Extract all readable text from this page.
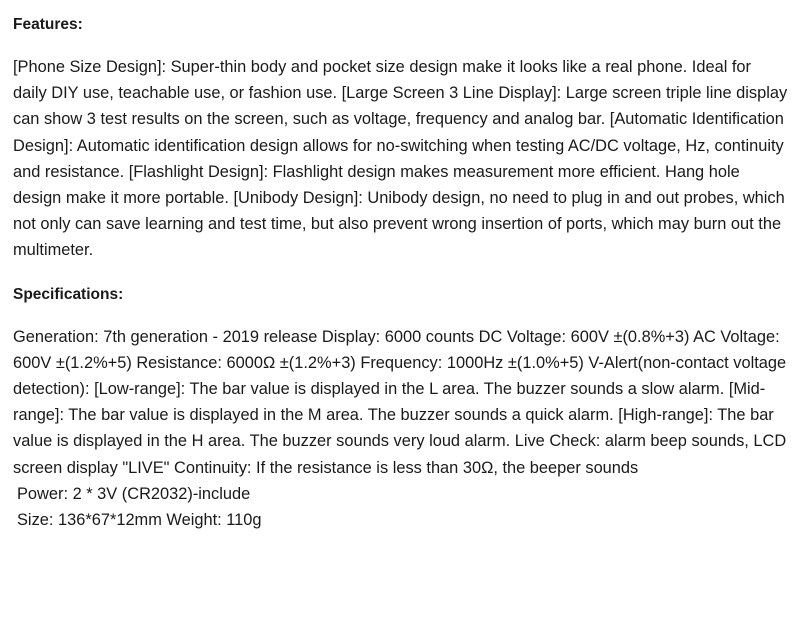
Features:

[Phone Size Design]: Super-thin body and pocket size design make it looks like a real phone. Ideal for daily DIY use, teachable use, or fashion use. [Large Screen 3 Line Display]: Large screen triple line display can show 3 test results on the screen, such as voltage, frequency and analog bar. [Automatic Identification Design]: Automatic identification design allows for no-switching when testing AC/DC voltage, Hz, continuity and resistance. [Flashlight Design]: Flashlight design makes measurement more efficient. Hang hole design make it more portable. [Unibody Design]: Unibody design, no need to plug in and out probes, which not only can save learning and test time, but also prevent wrong insertion of ports, which may burn out the multimeter.

Specifications:

Generation: 7th generation - 2019 release Display: 6000 counts DC Voltage: 600V ±(0.8%+3) AC Voltage: 600V ±(1.2%+5) Resistance: 6000Ω ±(1.2%+3) Frequency: 1000Hz ±(1.0%+5) V-Alert(non-contact voltage detection): [Low-range]: The bar value is displayed in the L area. The buzzer sounds a slow alarm. [Mid-range]: The bar value is displayed in the M area. The buzzer sounds a quick alarm. [High-range]: The bar value is displayed in the H area. The buzzer sounds very loud alarm. Live Check: alarm beep sounds, LCD screen display "LIVE" Continuity: If the resistance is less than 30Ω, the beeper sounds

Power: 2 * 3V (CR2032)-include

Size: 136*67*12mm Weight: 110g
